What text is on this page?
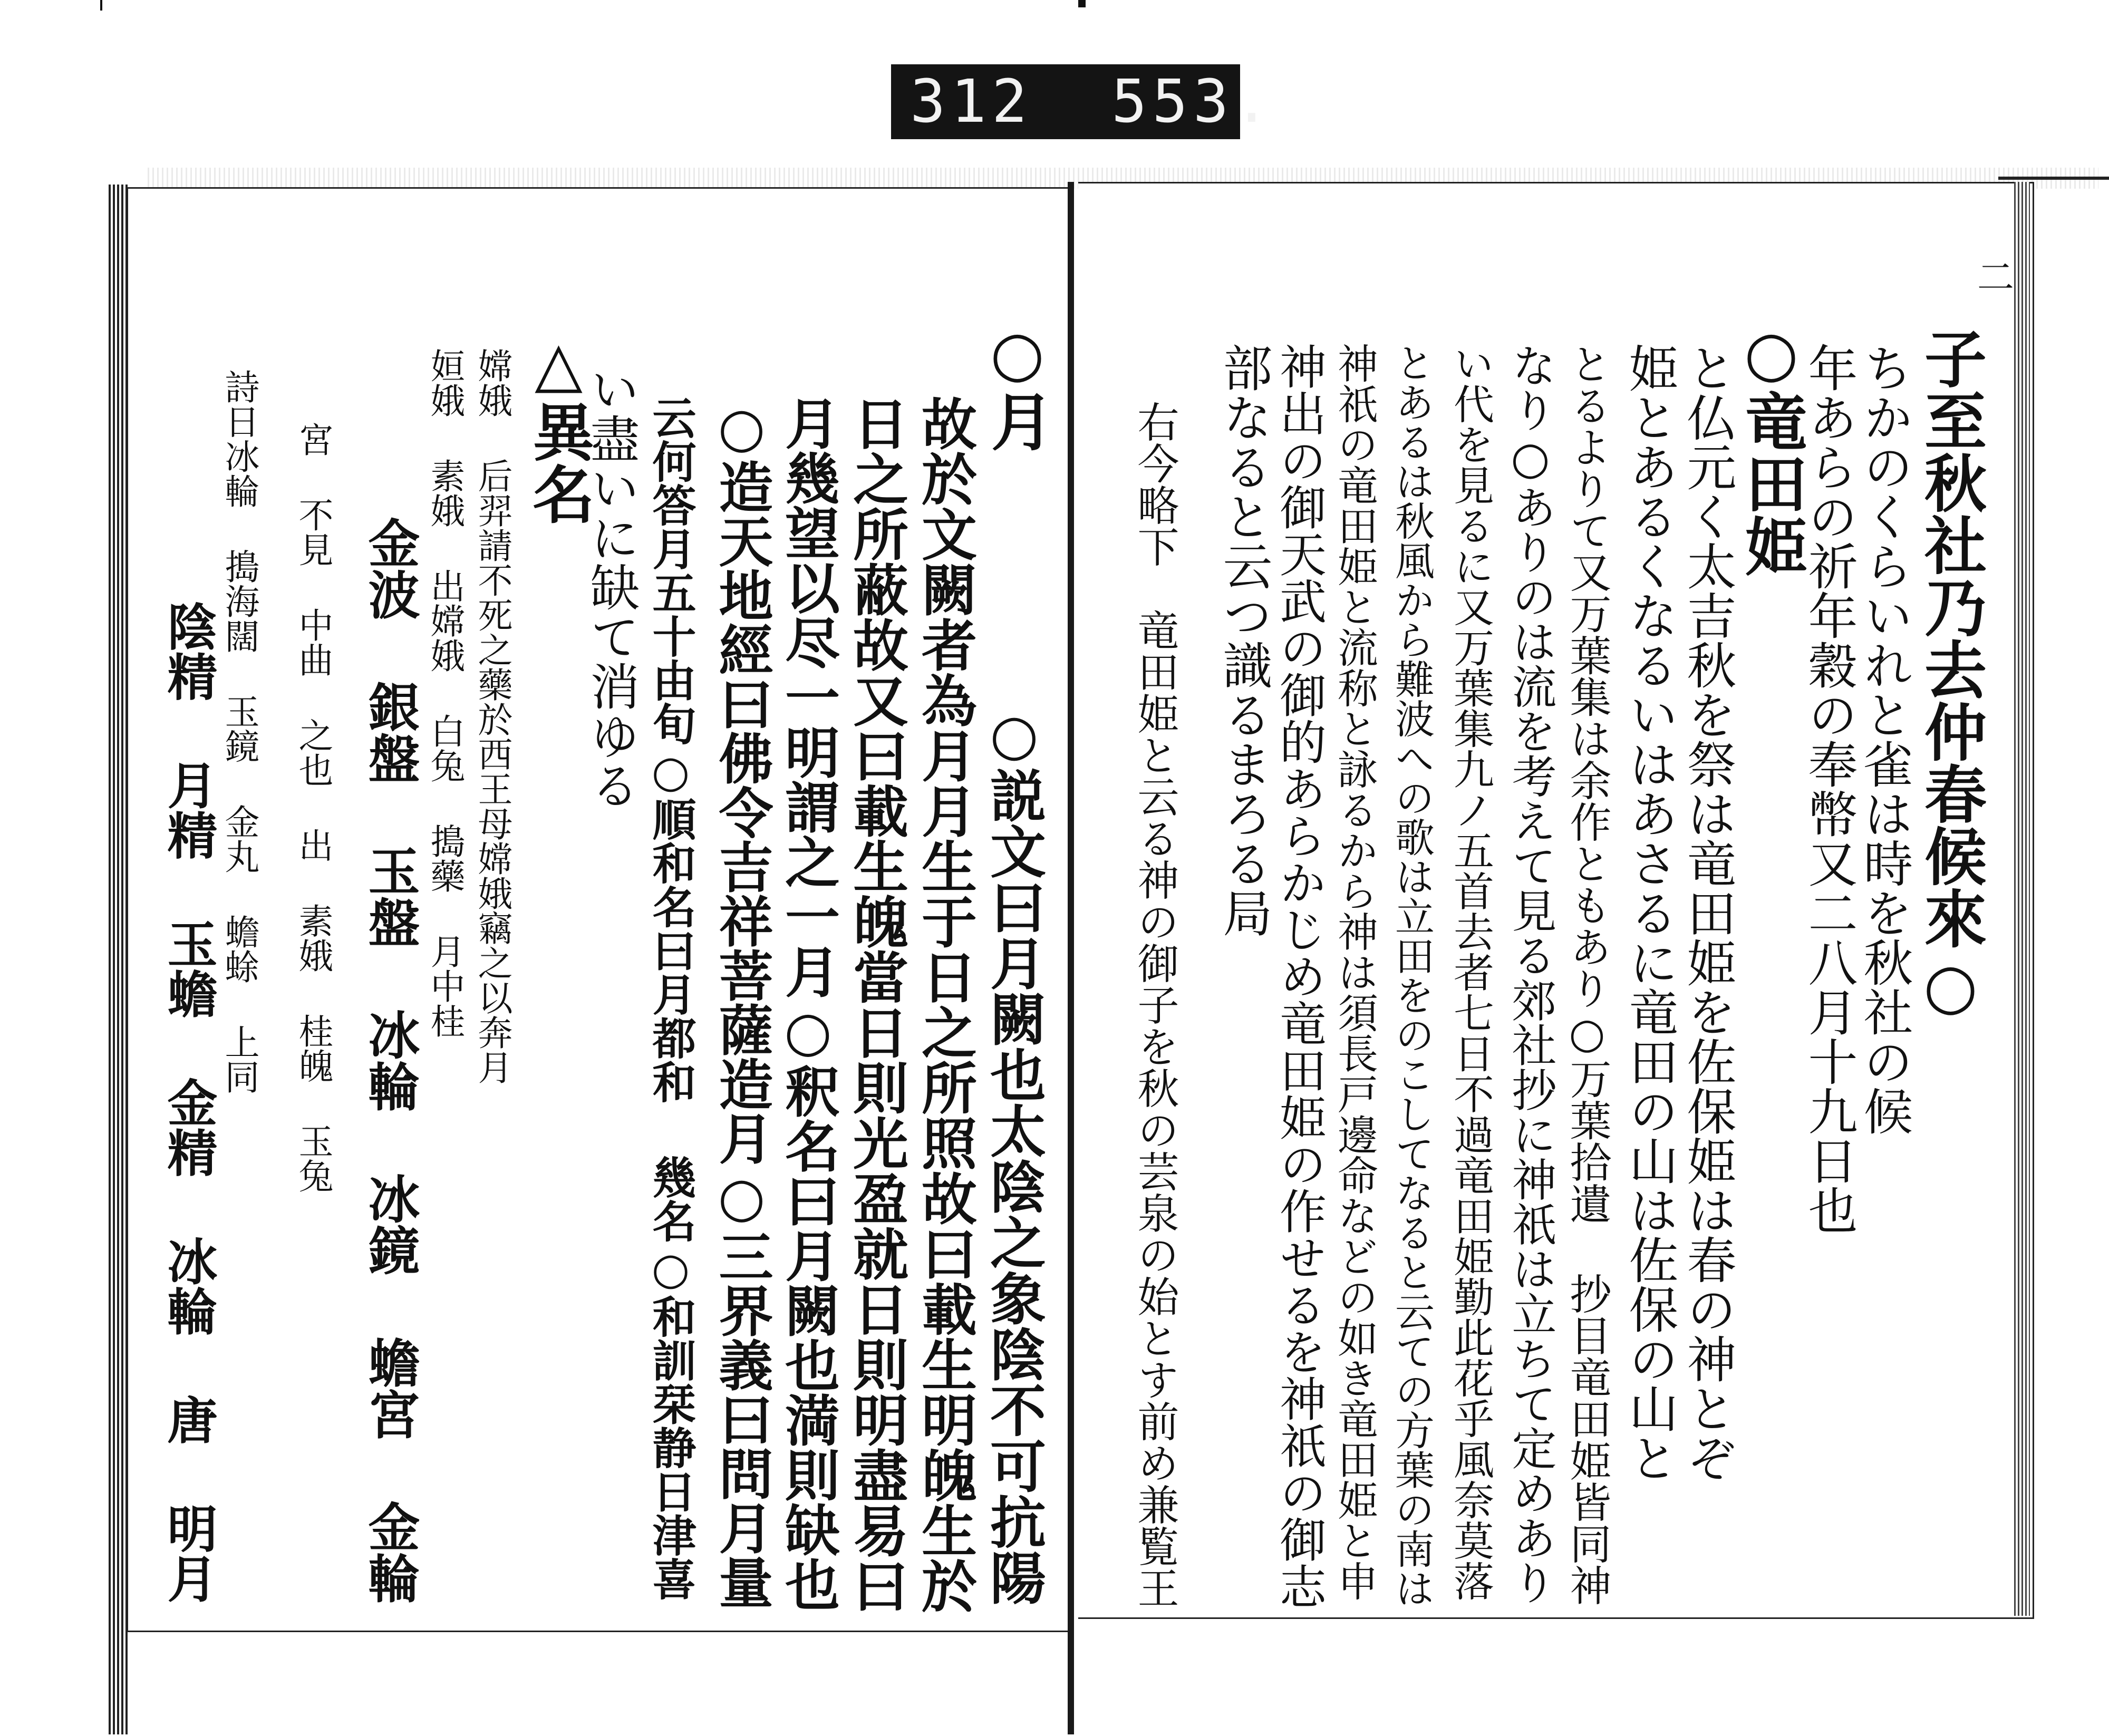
312 553.
二
子至秋社乃去仲春候來○
ちかのくらいれと雀は時を秋社の候
年あらの祈年穀の奉幣又二八月十九日也
○竜田姫
と仏元く太吉秋を祭は竜田姫を佐保姫は春の神とぞ
姫とあるくなるいはあさるに竜田の山は佐保の山と
とるよりて又万葉集は余作ともあり○万葉拾遺 抄目竜田姫皆同神
なり○ありのは流を考えて見る郊社抄に神祇は立ちて定めあり
い代を見るに又万葉集九ノ五首去者七日不過竜田姫勤此花乎風奈莫落
とあるは秋風から難波への歌は立田をのこしてなると云ての方葉の南は
神祇の竜田姫と流称と詠るから神は須長戸邊命などの如き竜田姫と申
神出の御天武の御的あらかじめ竜田姫の作せるを神祇の御志
部なると云つ識るまろる局
右今略下　竜田姫と云る神の御子を秋の芸泉の始とす前め兼覧王
○月
故於文闕者為月月生于日之所照故曰載生明魄生於 ○説文曰月闕也太陰之象陰不可抗陽
日之所蔽故又曰載生魄當日則光盈就日則明盡易曰
月幾望以尽一明謂之一月○釈名曰月闕也満則缺也
○造天地經曰佛令吉祥菩薩造月○三界義曰問月量
云何答月五十由旬○順和名曰月都和 幾名○和訓栞静日津喜
い盡いに缺て消ゆる
△異名
嫦娥 后羿請不死之藥於西王母嫦娥竊之以奔月
姮娥 素娥 出嫦娥 白兔 搗藥 月中桂
金波 銀盤 玉盤 冰輪 冰鏡 蟾宮 金輪
宮 不見 中曲 之也 出 素娥 桂魄 玉兔
詩日冰輪 搗海闊 玉鏡 金丸 蟾蜍 上同
陰精 月精 玉蟾 金精 冰輪 唐 明月
